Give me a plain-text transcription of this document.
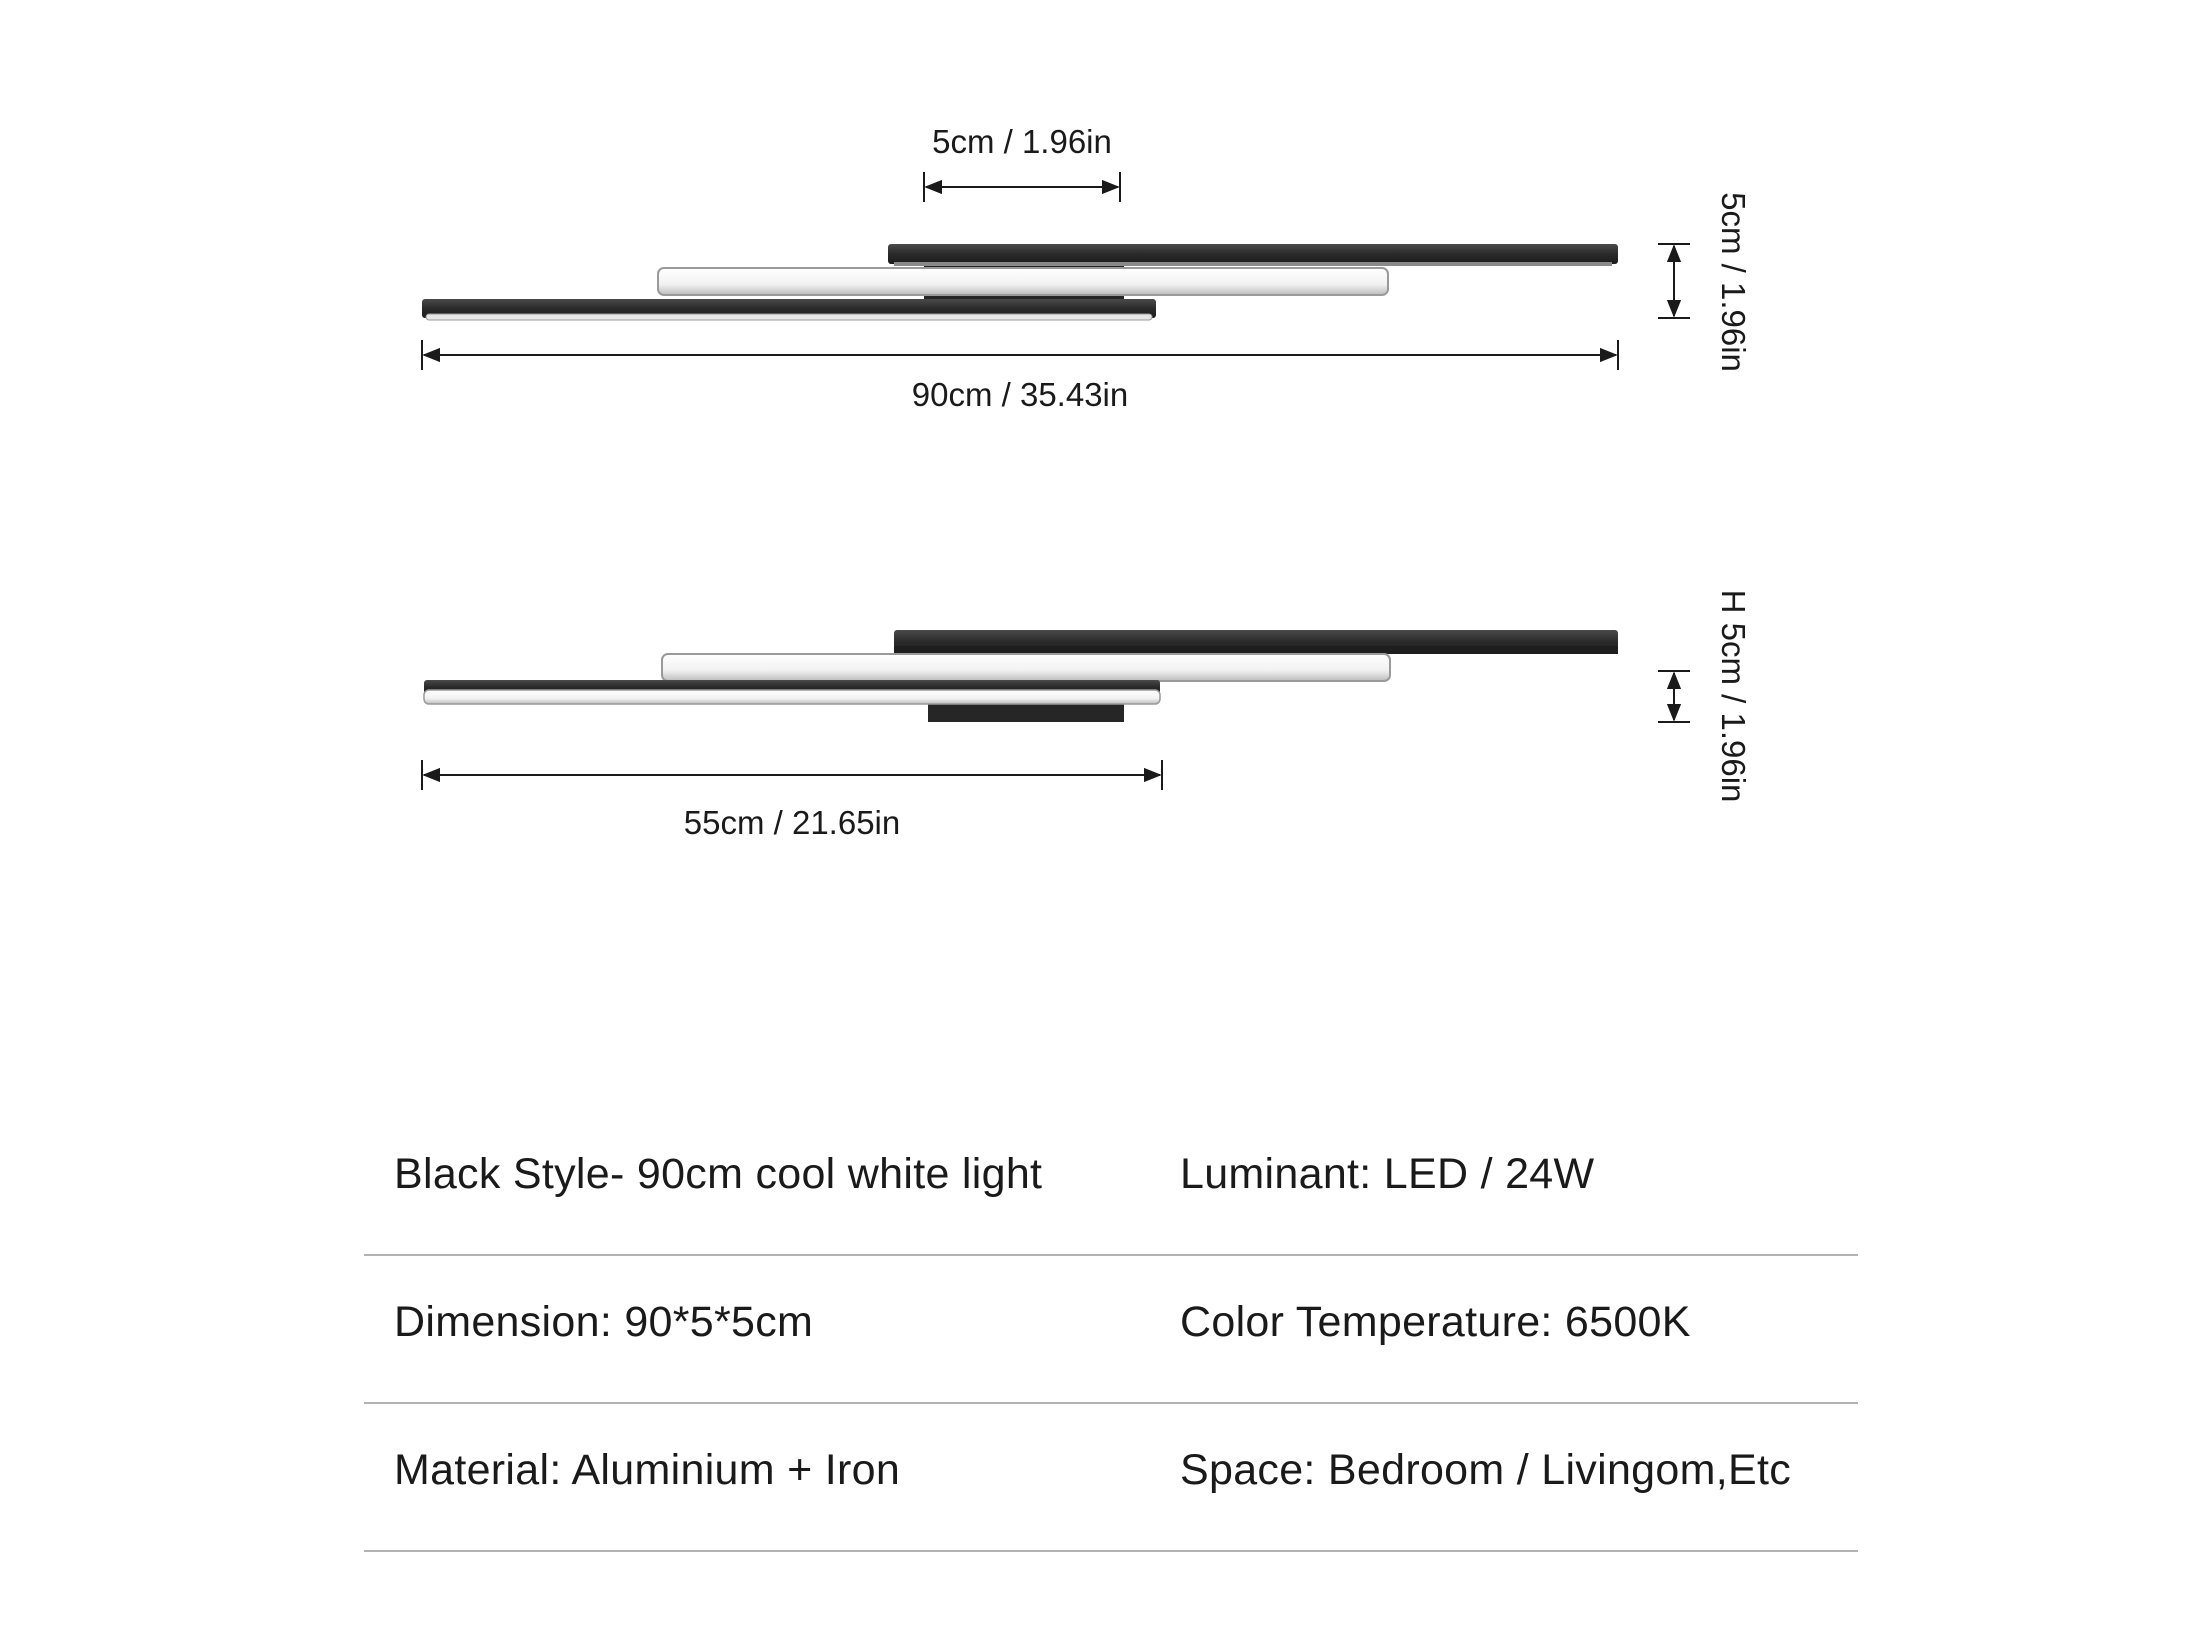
5cm / 1.96in
90cm / 35.43in
5cm / 1.96in
55cm / 21.65in
H 5cm / 1.96in
Black Style- 90cm cool white light	Luminant: LED / 24W
Dimension: 90*5*5cm	Color Temperature: 6500K
Material: Aluminium + Iron	Space: Bedroom / Livingom,Etc
